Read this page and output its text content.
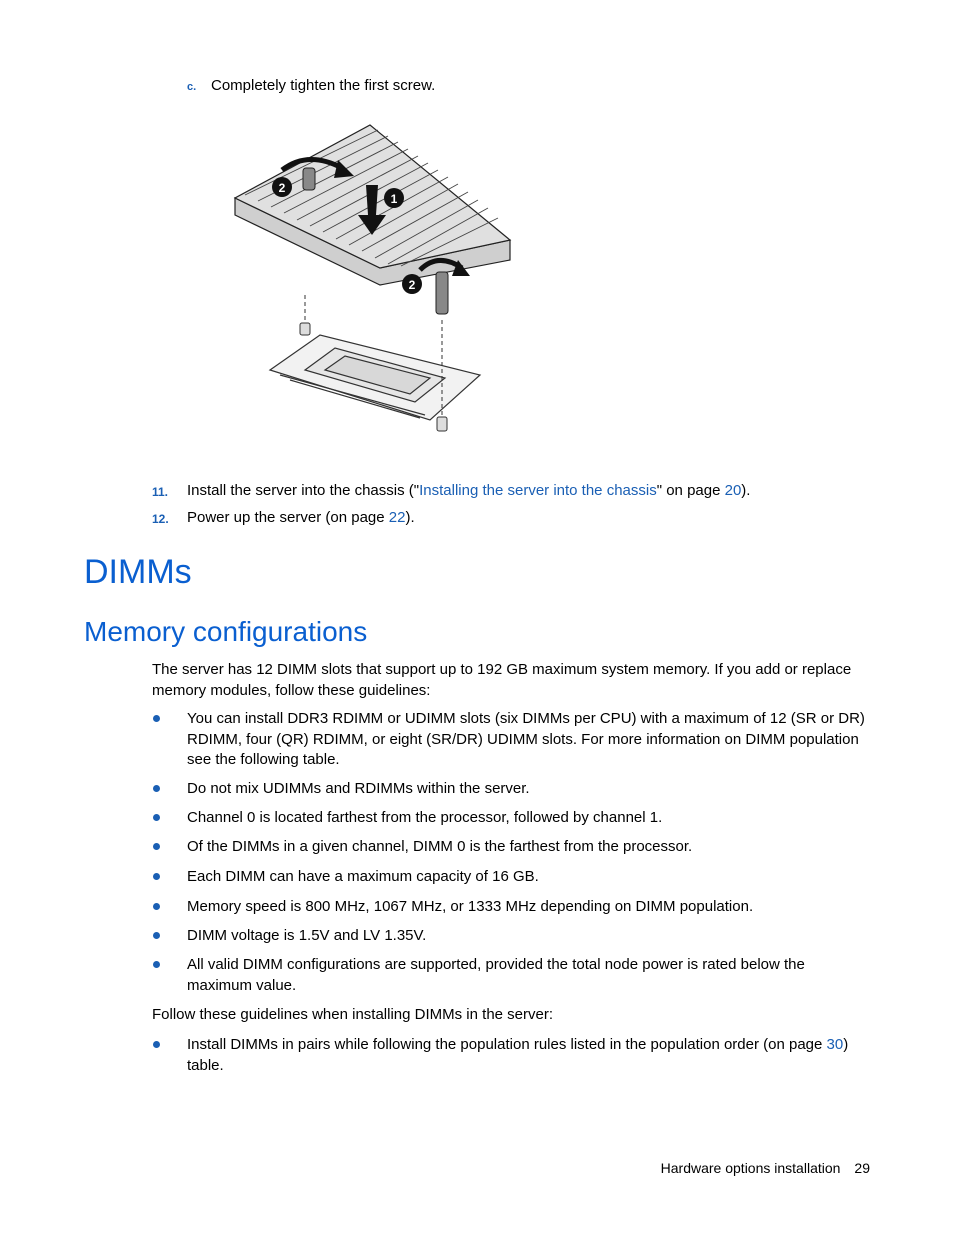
c. Completely tighten the first screw.
1
2
2
11. Install the server into the chassis ("Installing the server into the chassis" on page 20).
12. Power up the server (on page 22).
DIMMs
Memory configurations
The server has 12 DIMM slots that support up to 192 GB maximum system memory. If you add or replace memory modules, follow these guidelines:
You can install DDR3 RDIMM or UDIMM slots (six DIMMs per CPU) with a maximum of 12 (SR or DR) RDIMM, four (QR) RDIMM, or eight (SR/DR) UDIMM slots. For more information on DIMM population see the following table.
Do not mix UDIMMs and RDIMMs within the server.
Channel 0 is located farthest from the processor, followed by channel 1.
Of the DIMMs in a given channel, DIMM 0 is the farthest from the processor.
Each DIMM can have a maximum capacity of 16 GB.
Memory speed is 800 MHz, 1067 MHz, or 1333 MHz depending on DIMM population.
DIMM voltage is 1.5V and LV 1.35V.
All valid DIMM configurations are supported, provided the total node power is rated below the maximum value.
Follow these guidelines when installing DIMMs in the server:
Install DIMMs in pairs while following the population rules listed in the population order (on page 30) table.
Hardware options installation 29
